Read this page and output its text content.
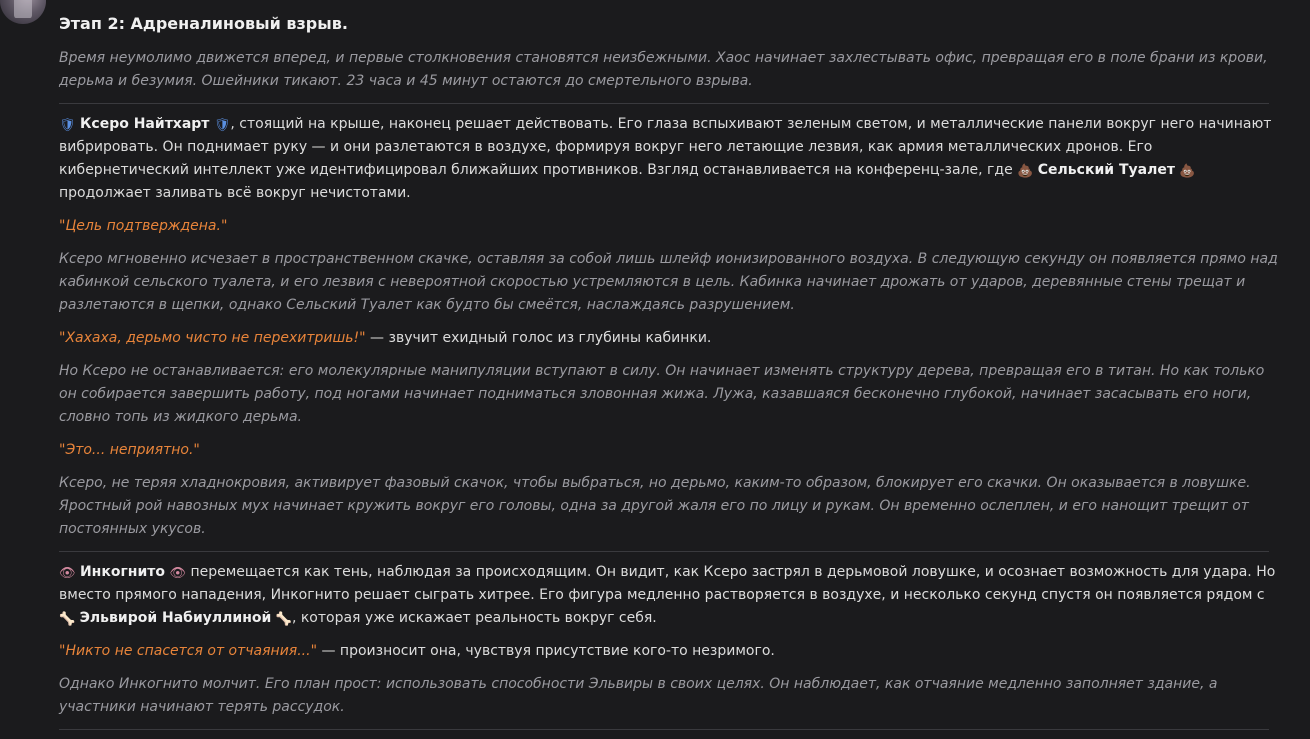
Этап 2: Адреналиновый взрыв.
Время неумолимо движется вперед, и первые столкновения становятся неизбежными. Хаос начинает захлестывать офис, превращая его в поле брани из крови, дерьма и безумия. Ошейники тикают. 23 часа и 45 минут остаются до смертельного взрыва.
🛡 Ксеро Найтхарт 🛡, стоящий на крыше, наконец решает действовать. Его глаза вспыхивают зеленым светом, и металлические панели вокруг него начинают вибрировать. Он поднимает руку — и они разлетаются в воздухе, формируя вокруг него летающие лезвия, как армия металлических дронов. Его кибернетический интеллект уже идентифицировал ближайших противников. Взгляд останавливается на конференц-зале, где 💩 Сельский Туалет 💩 продолжает заливать всё вокруг нечистотами.
"Цель подтверждена."
Ксеро мгновенно исчезает в пространственном скачке, оставляя за собой лишь шлейф ионизированного воздуха. В следующую секунду он появляется прямо над кабинкой сельского туалета, и его лезвия с невероятной скоростью устремляются в цель. Кабинка начинает дрожать от ударов, деревянные стены трещат и разлетаются в щепки, однако Сельский Туалет как будто бы смеётся, наслаждаясь разрушением.
"Хахаха, дерьмо чисто не перехитришь!" — звучит ехидный голос из глубины кабинки.
Но Ксеро не останавливается: его молекулярные манипуляции вступают в силу. Он начинает изменять структуру дерева, превращая его в титан. Но как только он собирается завершить работу, под ногами начинает подниматься зловонная жижа. Лужа, казавшаяся бесконечно глубокой, начинает засасывать его ноги, словно топь из жидкого дерьма.
"Это... неприятно."
Ксеро, не теряя хладнокровия, активирует фазовый скачок, чтобы выбраться, но дерьмо, каким-то образом, блокирует его скачки. Он оказывается в ловушке. Яростный рой навозных мух начинает кружить вокруг его головы, одна за другой жаля его по лицу и рукам. Он временно ослеплен, и его нанощит трещит от постоянных укусов.
👁 Инкогнито 👁 перемещается как тень, наблюдая за происходящим. Он видит, как Ксеро застрял в дерьмовой ловушке, и осознает возможность для удара. Но вместо прямого нападения, Инкогнито решает сыграть хитрее. Его фигура медленно растворяется в воздухе, и несколько секунд спустя он появляется рядом с 🦴 Эльвирой Набиуллиной 🦴, которая уже искажает реальность вокруг себя.
"Никто не спасется от отчаяния..." — произносит она, чувствуя присутствие кого-то незримого.
Однако Инкогнито молчит. Его план прост: использовать способности Эльвиры в своих целях. Он наблюдает, как отчаяние медленно заполняет здание, а участники начинают терять рассудок.
